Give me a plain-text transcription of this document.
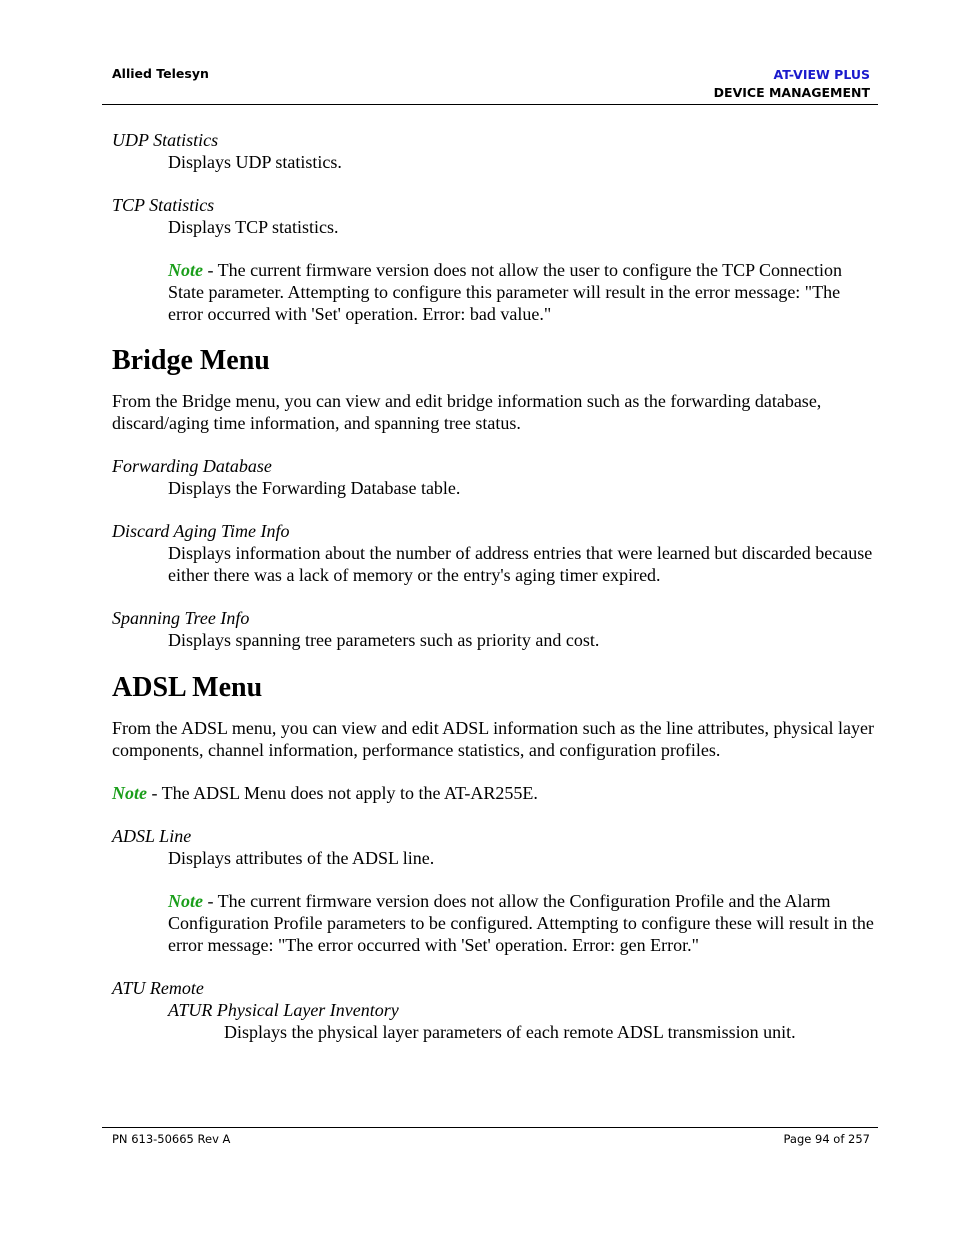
Allied Telesyn	AT-VIEW PLUS
DEVICE MANAGEMENT

UDP Statistics

Displays UDP statistics.

TCP Statistics

Displays TCP statistics.

Note - The current firmware version does not allow the user to configure the TCP Connection State parameter. Attempting to configure this parameter will result in the error message: "The error occurred with 'Set' operation. Error: bad value."

Bridge Menu

From the Bridge menu, you can view and edit bridge information such as the forwarding database, discard/aging time information, and spanning tree status.

Forwarding Database

Displays the Forwarding Database table.

Discard Aging Time Info

Displays information about the number of address entries that were learned but discarded because either there was a lack of memory or the entry's aging timer expired.

Spanning Tree Info

Displays spanning tree parameters such as priority and cost.

ADSL Menu

From the ADSL menu, you can view and edit ADSL information such as the line attributes, physical layer components, channel information, performance statistics, and configuration profiles.

Note - The ADSL Menu does not apply to the AT-AR255E.

ADSL Line

Displays attributes of the ADSL line.

Note - The current firmware version does not allow the Configuration Profile and the Alarm Configuration Profile parameters to be configured. Attempting to configure these will result in the error message: "The error occurred with 'Set' operation. Error: gen Error."

ATU Remote

ATUR Physical Layer Inventory

Displays the physical layer parameters of each remote ADSL transmission unit.

PN 613-50665 Rev A	Page 94 of 257
